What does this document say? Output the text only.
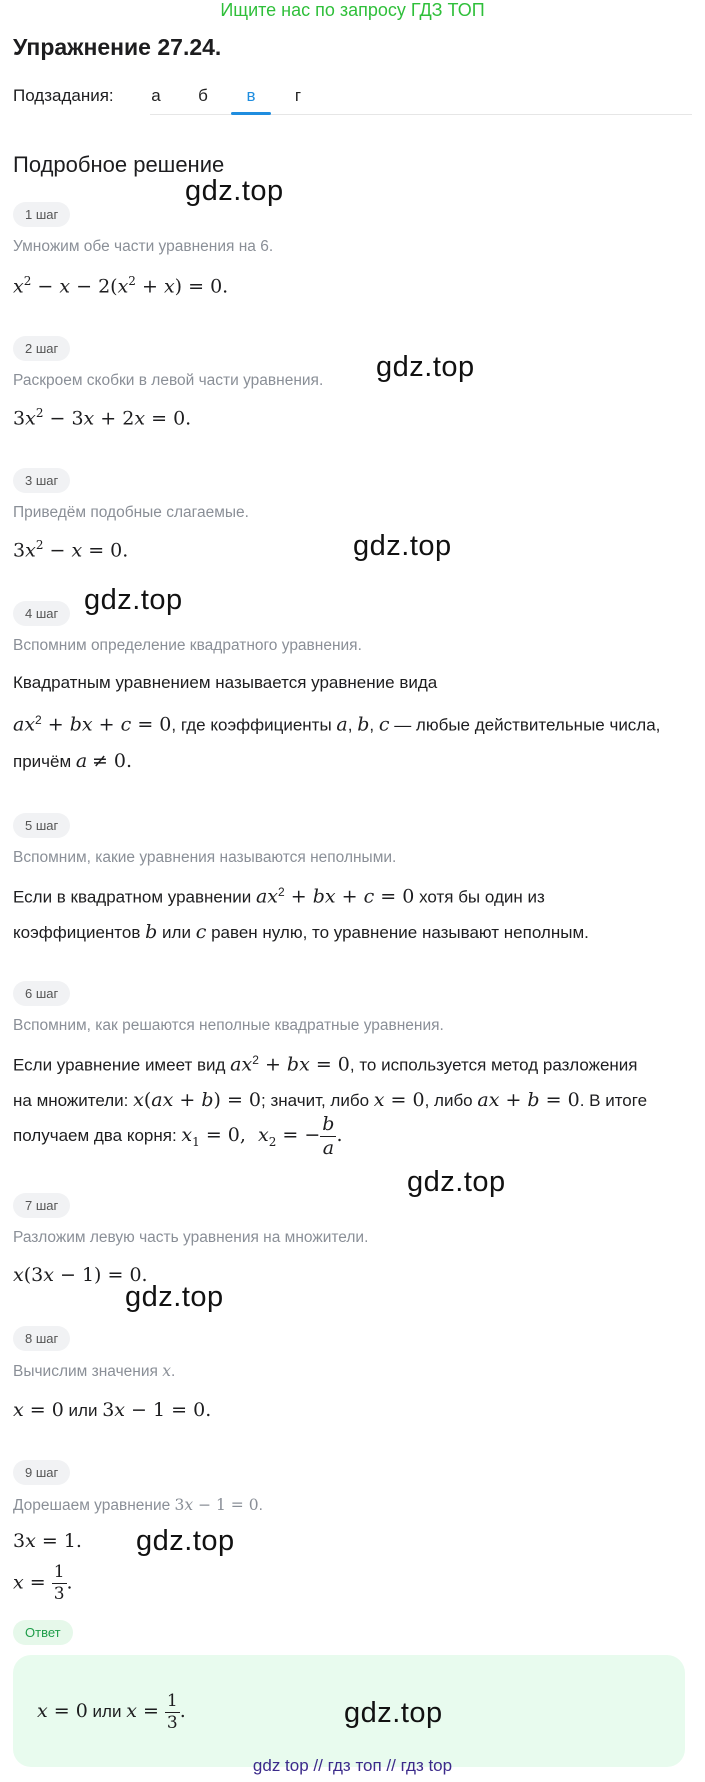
Ищите нас по запросу ГДЗ ТОП
Упражнение 27.24.
Подзадания:	а	б	в	г
Подробное решение
1 шаг
Умножим обе части уравнения на 6.
$x^2 - x - 2(x^2 + x) = 0$.
2 шаг
Раскроем скобки в левой части уравнения.
$3x^2 - 3x + 2x = 0$.
3 шаг
Приведём подобные слагаемые.
$3x^2 - x = 0$.
4 шаг
Вспомним определение квадратного уравнения.
Квадратным уравнением называется уравнение вида
$ax^2$ + bx + c = 0, где коэффициенты a, b, c — любые действительные числа,
причём a ≠ 0.
5 шаг
Вспомним, какие уравнения называются неполными.
Если в квадратном уравнении $ax^2$ + bx + c = 0 хотя бы один из
коэффициентов b или c равен нулю, то уравнение называют неполным.
6 шаг
Вспомним, как решаются неполные квадратные уравнения.
Если уравнение имеет вид $ax^2$ + bx = 0, то используется метод разложения
на множители: x(ax + b) = 0; значит, либо x = 0, либо ax + b = 0. В итоге
получаем два корня: $x_1 = 0$,  $x_2$ = − $\frac{b}{a}$ .
7 шаг
Разложим левую часть уравнения на множители.
x(3x − 1) = 0.
8 шаг
Вычислим значения x.
x = 0 или 3x − 1 = 0.
9 шаг
Дорешаем уравнение 3x − 1 = 0.
3x = 1.
$x = \frac{1}{3}$ .
Ответ
x = 0 или $x = \frac{1}{3}$ .
gdz.top
gdz.top
gdz.top
gdz.top
gdz.top
gdz.top
gdz.top
gdz.top
gdz top // гдз топ // гдз top
